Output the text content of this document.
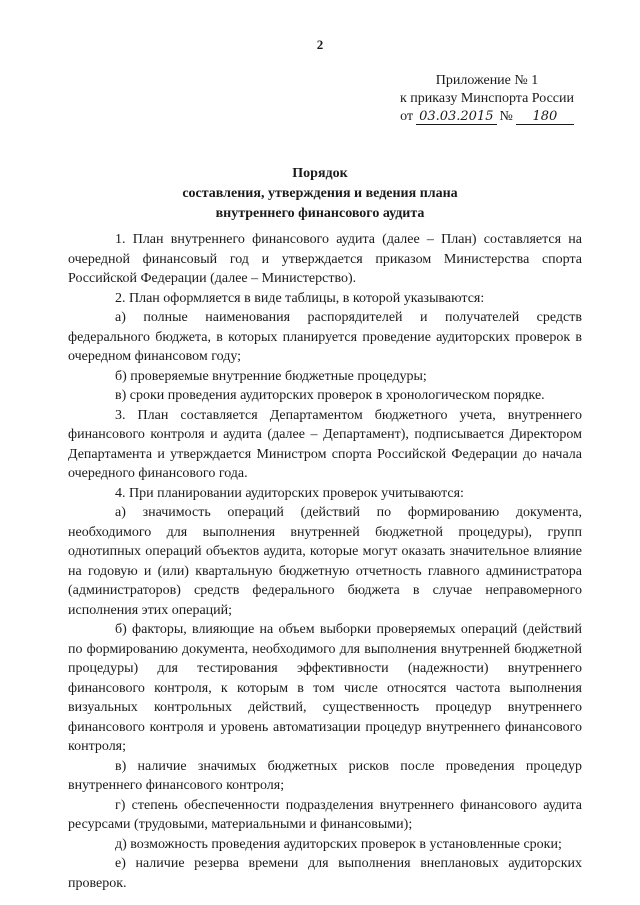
2
Приложение № 1
к приказу Минспорта России
от 03.03.2015 №	180
Порядок
составления, утверждения и ведения плана
внутреннего финансового аудита

1. План внутреннего финансового аудита (далее – План) составляется на очередной финансовый год и утверждается приказом Министерства спорта Российской Федерации (далее – Министерство).

2. План оформляется в виде таблицы, в которой указываются:

а) полные наименования распорядителей и получателей средств федерального бюджета, в которых планируется проведение аудиторских проверок в очередном финансовом году;

б) проверяемые внутренние бюджетные процедуры;

в) сроки проведения аудиторских проверок в хронологическом порядке.

3. План составляется Департаментом бюджетного учета, внутреннего финансового контроля и аудита (далее – Департамент), подписывается Директором Департамента и утверждается Министром спорта Российской Федерации до начала очередного финансового года.

4. При планировании аудиторских проверок учитываются:

а) значимость операций (действий по формированию документа, необходимого для выполнения внутренней бюджетной процедуры), групп однотипных операций объектов аудита, которые могут оказать значительное влияние на годовую и (или) квартальную бюджетную отчетность главного администратора (администраторов) средств федерального бюджета в случае неправомерного исполнения этих операций;

б) факторы, влияющие на объем выборки проверяемых операций (действий по формированию документа, необходимого для выполнения внутренней бюджетной процедуры) для тестирования эффективности (надежности) внутреннего финансового контроля, к которым в том числе относятся частота выполнения визуальных контрольных действий, существенность процедур внутреннего финансового контроля и уровень автоматизации процедур внутреннего финансового контроля;

в) наличие значимых бюджетных рисков после проведения процедур внутреннего финансового контроля;

г) степень обеспеченности подразделения внутреннего финансового аудита ресурсами (трудовыми, материальными и финансовыми);

д) возможность проведения аудиторских проверок в установленные сроки;

е) наличие резерва времени для выполнения внеплановых аудиторских проверок.
